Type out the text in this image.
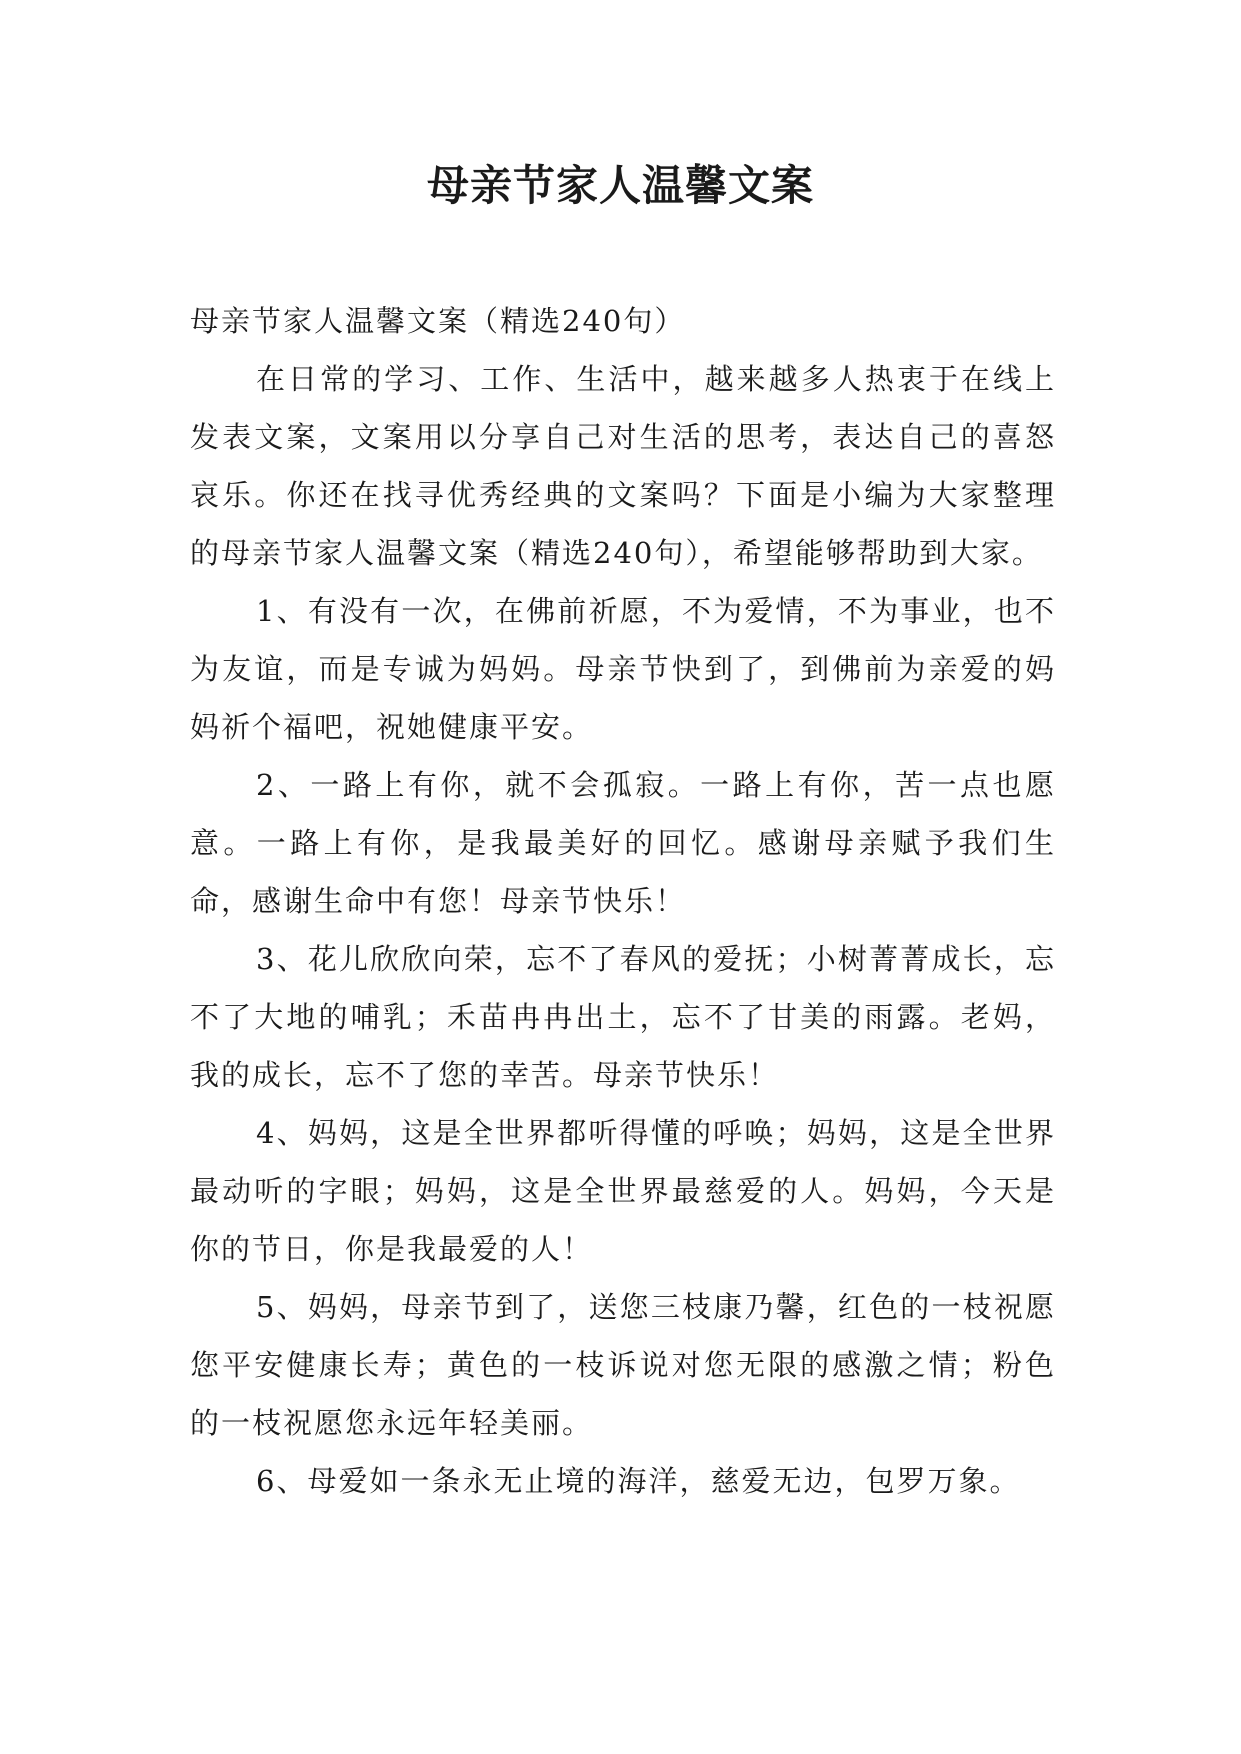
母亲节家人温馨文案

母亲节家人温馨文案（精选240句）

在日常的学习、工作、生活中，越来越多人热衷于在线上发表文案，文案用以分享自己对生活的思考，表达自己的喜怒哀乐。你还在找寻优秀经典的文案吗？下面是小编为大家整理的母亲节家人温馨文案（精选240句），希望能够帮助到大家。

1、有没有一次，在佛前祈愿，不为爱情，不为事业，也不为友谊，而是专诚为妈妈。母亲节快到了，到佛前为亲爱的妈妈祈个福吧，祝她健康平安。

2、一路上有你，就不会孤寂。一路上有你，苦一点也愿意。一路上有你，是我最美好的回忆。感谢母亲赋予我们生命，感谢生命中有您！母亲节快乐！

3、花儿欣欣向荣，忘不了春风的爱抚；小树菁菁成长，忘不了大地的哺乳；禾苗冉冉出土，忘不了甘美的雨露。老妈，我的成长，忘不了您的幸苦。母亲节快乐！

4、妈妈，这是全世界都听得懂的呼唤；妈妈，这是全世界最动听的字眼；妈妈，这是全世界最慈爱的人。妈妈，今天是你的节日，你是我最爱的人！

5、妈妈，母亲节到了，送您三枝康乃馨，红色的一枝祝愿您平安健康长寿；黄色的一枝诉说对您无限的感激之情；粉色的一枝祝愿您永远年轻美丽。

6、母爱如一条永无止境的海洋，慈爱无边，包罗万象。
